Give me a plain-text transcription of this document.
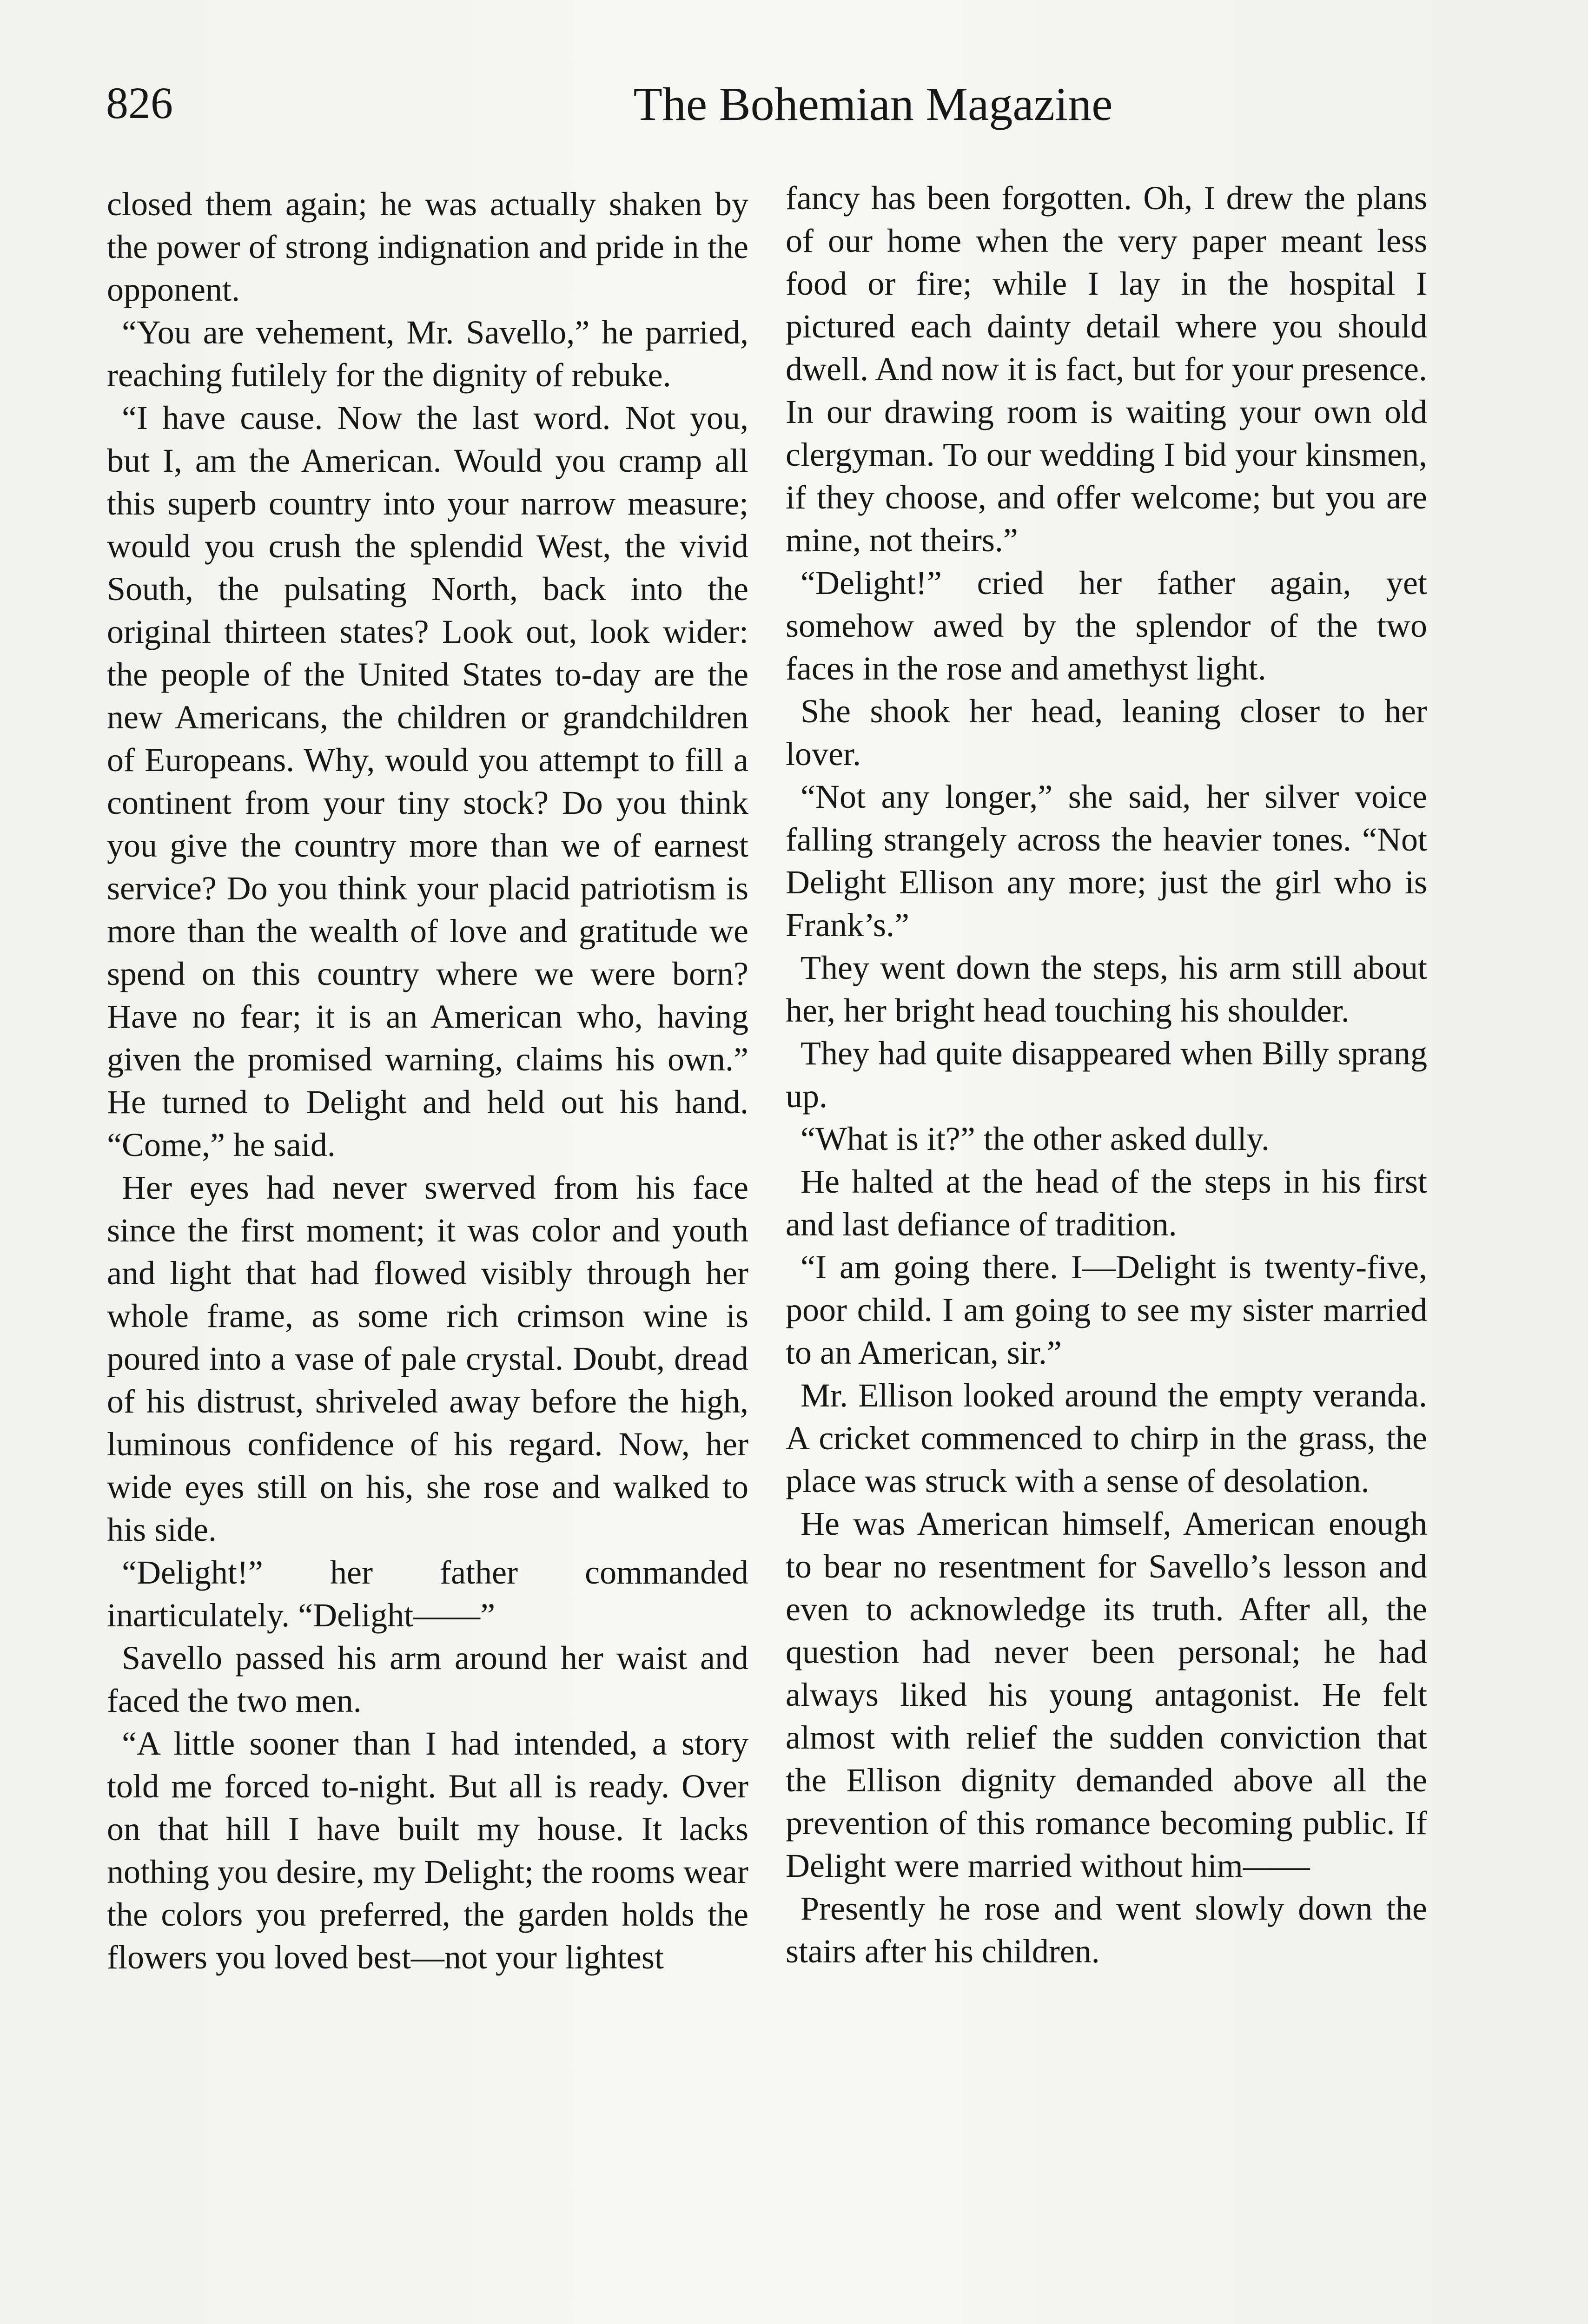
826	The Bohemian Magazine

closed them again; he was actually shaken by the power of strong indignation and pride in the opponent.

“You are vehement, Mr. Savello,” he parried, reaching futilely for the dignity of rebuke.

“I have cause. Now the last word. Not you, but I, am the American. Would you cramp all this superb country into your narrow measure; would you crush the splendid West, the vivid South, the pulsating North, back into the original thirteen states? Look out, look wider: the people of the United States to-day are the new Americans, the children or grandchildren of Europeans. Why, would you attempt to fill a continent from your tiny stock? Do you think you give the country more than we of earnest service? Do you think your placid patriotism is more than the wealth of love and gratitude we spend on this country where we were born? Have no fear; it is an American who, having given the promised warning, claims his own.” He turned to Delight and held out his hand. “Come,” he said.

Her eyes had never swerved from his face since the first moment; it was color and youth and light that had flowed visibly through her whole frame, as some rich crimson wine is poured into a vase of pale crystal. Doubt, dread of his distrust, shriveled away before the high, luminous confidence of his regard. Now, her wide eyes still on his, she rose and walked to his side.

“Delight!” her father commanded inarticulately. “Delight——”

Savello passed his arm around her waist and faced the two men.

“A little sooner than I had intended, a story told me forced to-night. But all is ready. Over on that hill I have built my house. It lacks nothing you desire, my Delight; the rooms wear the colors you preferred, the garden holds the flowers you loved best—not your lightest

fancy has been forgotten. Oh, I drew the plans of our home when the very paper meant less food or fire; while I lay in the hospital I pictured each dainty detail where you should dwell. And now it is fact, but for your presence. In our drawing room is waiting your own old clergyman. To our wedding I bid your kinsmen, if they choose, and offer welcome; but you are mine, not theirs.”

“Delight!” cried her father again, yet somehow awed by the splendor of the two faces in the rose and amethyst light.

She shook her head, leaning closer to her lover.

“Not any longer,” she said, her silver voice falling strangely across the heavier tones. “Not Delight Ellison any more; just the girl who is Frank’s.”

They went down the steps, his arm still about her, her bright head touching his shoulder.

They had quite disappeared when Billy sprang up.

“What is it?” the other asked dully.

He halted at the head of the steps in his first and last defiance of tradition.

“I am going there. I—Delight is twenty-five, poor child. I am going to see my sister married to an American, sir.”

Mr. Ellison looked around the empty veranda. A cricket commenced to chirp in the grass, the place was struck with a sense of desolation.

He was American himself, American enough to bear no resentment for Savello’s lesson and even to acknowledge its truth. After all, the question had never been personal; he had always liked his young antagonist. He felt almost with relief the sudden conviction that the Ellison dignity demanded above all the prevention of this romance becoming public. If Delight were married without him——

Presently he rose and went slowly down the stairs after his children.
